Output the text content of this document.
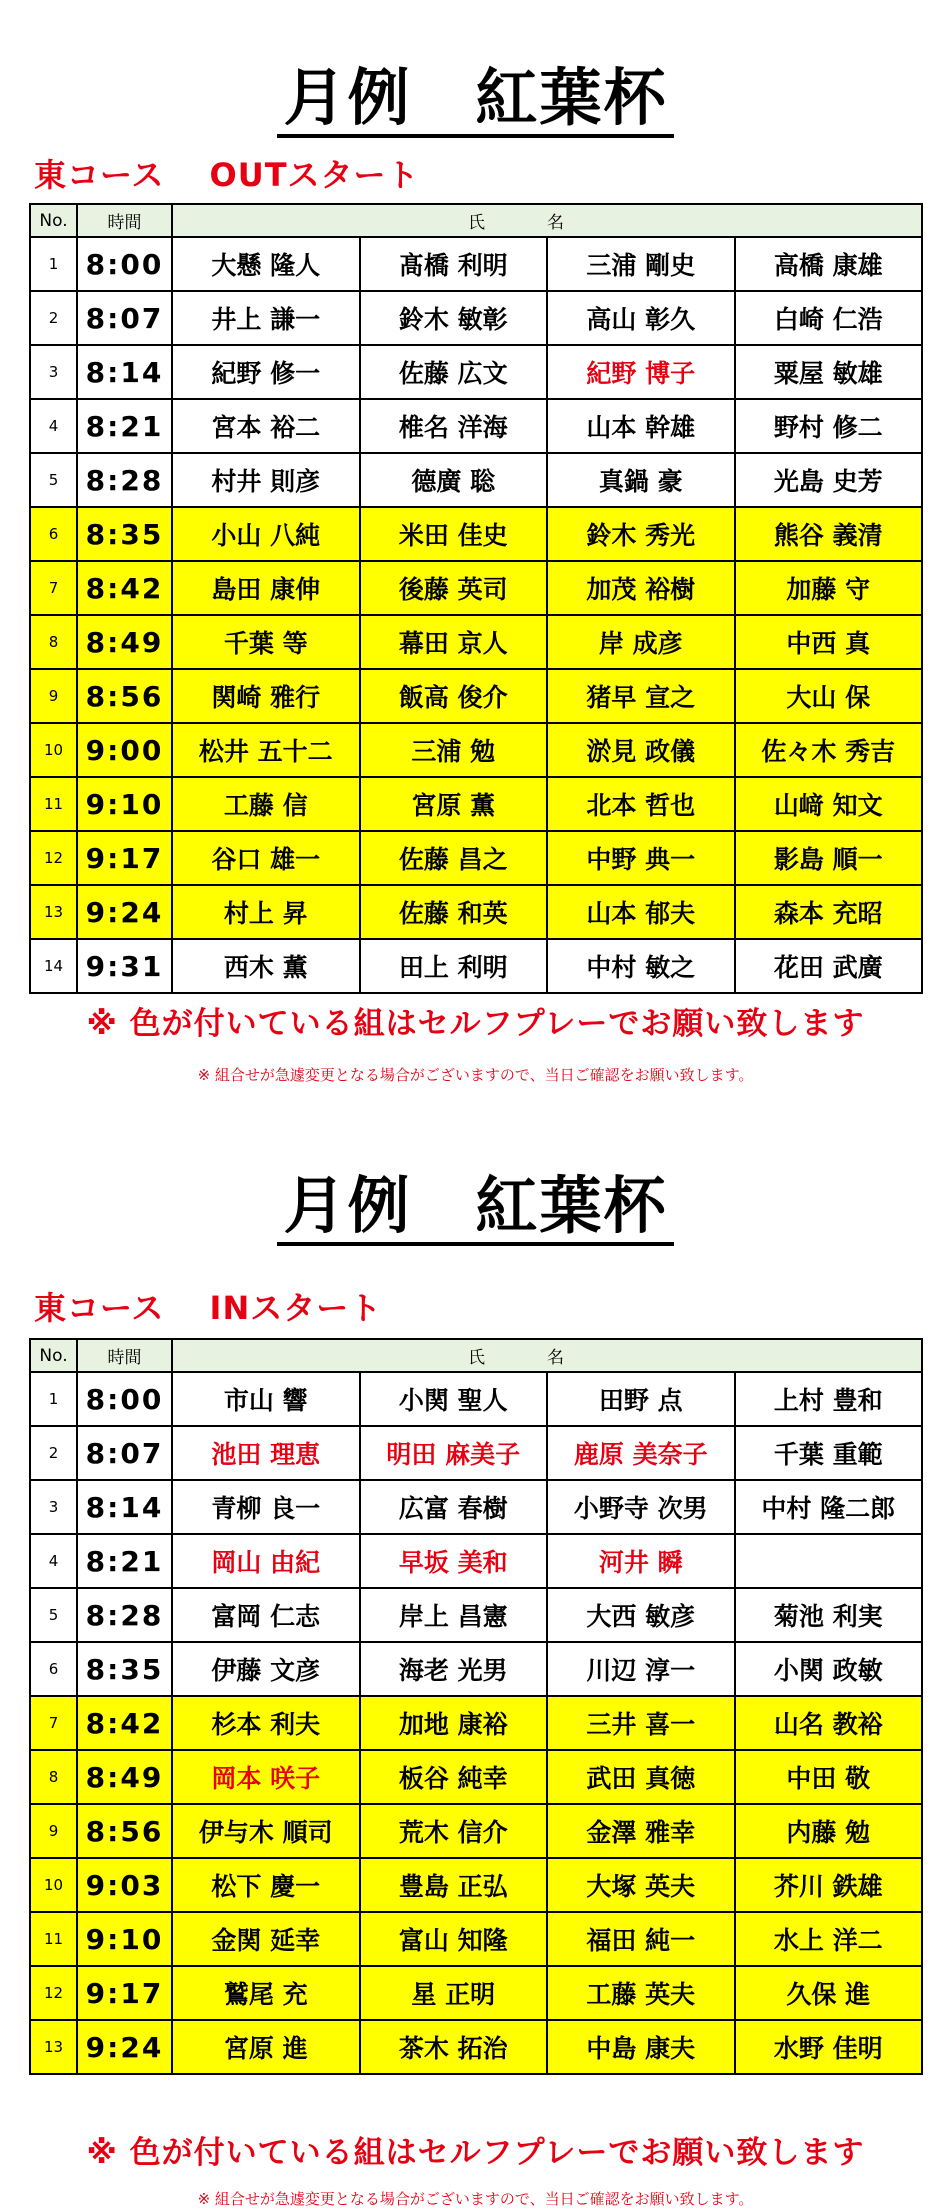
月例　紅葉杯
東コース　 OUTスタート
No.	時間	氏名			
1	8:00	大懸 隆人	髙橋 利明	三浦 剛史	高橋 康雄
2	8:07	井上 謙一	鈴木 敏彰	高山 彰久	白崎 仁浩
3	8:14	紀野 修一	佐藤 広文	紀野 博子	粟屋 敏雄
4	8:21	宮本 裕二	椎名 洋海	山本 幹雄	野村 修二
5	8:28	村井 則彦	德廣 聡	真鍋 豪	光島 史芳
6	8:35	小山 八純	米田 佳史	鈴木 秀光	熊谷 義清
7	8:42	島田 康伸	後藤 英司	加茂 裕樹	加藤 守
8	8:49	千葉 等	幕田 京人	岸 成彦	中西 真
9	8:56	関崎 雅行	飯高 俊介	猪早 宣之	大山 保
10	9:00	松井 五十二	三浦 勉	淤見 政儀	佐々木 秀吉
11	9:10	工藤 信	宮原 薫	北本 哲也	山﨑 知文
12	9:17	谷口 雄一	佐藤 昌之	中野 典一	影島 順一
13	9:24	村上 昇	佐藤 和英	山本 郁夫	森本 充昭
14	9:31	西木 薫	田上 利明	中村 敏之	花田 武廣
※ 色が付いている組はセルフプレーでお願い致します
※ 組合せが急遽変更となる場合がございますので、当日ご確認をお願い致します。
月例　紅葉杯
東コース　 INスタート
No.	時間	氏名			
1	8:00	市山 響	小関 聖人	田野 点	上村 豊和
2	8:07	池田 理恵	明田 麻美子	鹿原 美奈子	千葉 重範
3	8:14	青柳 良一	広富 春樹	小野寺 次男	中村 隆二郎
4	8:21	岡山 由紀	早坂 美和	河井 瞬	
5	8:28	富岡 仁志	岸上 昌憲	大西 敏彦	菊池 利実
6	8:35	伊藤 文彦	海老 光男	川辺 淳一	小関 政敏
7	8:42	杉本 利夫	加地 康裕	三井 喜一	山名 教裕
8	8:49	岡本 咲子	板谷 純幸	武田 真徳	中田 敬
9	8:56	伊与木 順司	荒木 信介	金澤 雅幸	内藤 勉
10	9:03	松下 慶一	豊島 正弘	大塚 英夫	芥川 鉄雄
11	9:10	金関 延幸	富山 知隆	福田 純一	水上 洋二
12	9:17	鷲尾 充	星 正明	工藤 英夫	久保 進
13	9:24	宮原 進	茶木 拓治	中島 康夫	水野 佳明
※ 色が付いている組はセルフプレーでお願い致します
※ 組合せが急遽変更となる場合がございますので、当日ご確認をお願い致します。
